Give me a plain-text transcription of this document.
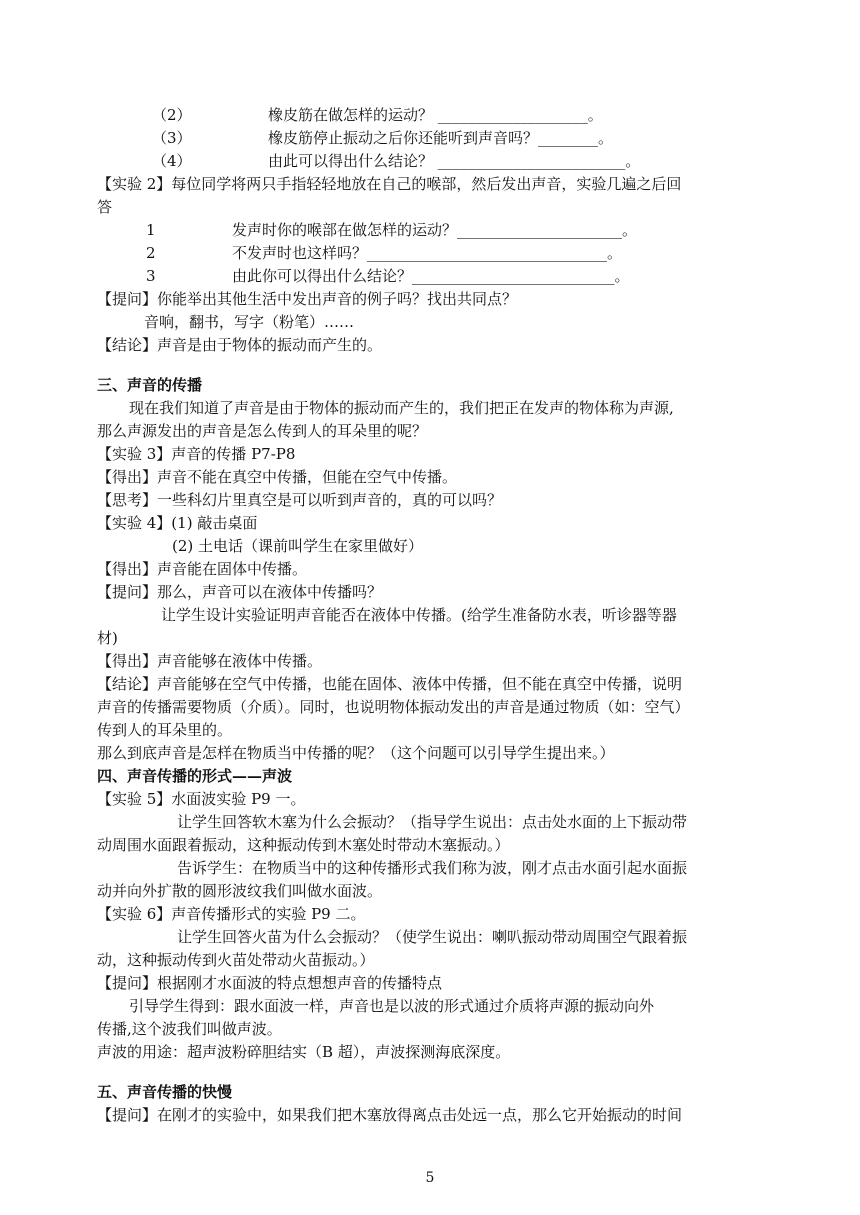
（2）	橡皮筋在做怎样的运动？ ____________________。
（3）	橡皮筋停止振动之后你还能听到声音吗？________。
（4）	由此可以得出什么结论？ _________________________。
【实验 2】每位同学将两只手指轻轻地放在自己的喉部，然后发出声音，实验几遍之后回
答
1	发声时你的喉部在做怎样的运动？______________________。
2	不发声时也这样吗？________________________________。
3	由此你可以得出什么结论？___________________________。
【提问】你能举出其他生活中发出声音的例子吗？找出共同点？
音响，翻书，写字（粉笔）……
【结论】声音是由于物体的振动而产生的。
三、声音的传播
现在我们知道了声音是由于物体的振动而产生的，我们把正在发声的物体称为声源,
那么声源发出的声音是怎么传到人的耳朵里的呢？
【实验 3】声音的传播 P7-P8
【得出】声音不能在真空中传播，但能在空气中传播。
【思考】一些科幻片里真空是可以听到声音的，真的可以吗？
【实验 4】(1) 敲击桌面
(2) 土电话（课前叫学生在家里做好）
【得出】声音能在固体中传播。
【提问】那么，声音可以在液体中传播吗？
让学生设计实验证明声音能否在液体中传播。(给学生准备防水表，听诊器等器
材)
【得出】声音能够在液体中传播。
【结论】声音能够在空气中传播，也能在固体、液体中传播，但不能在真空中传播，说明
声音的传播需要物质（介质）。同时，也说明物体振动发出的声音是通过物质（如：空气）
传到人的耳朵里的。
那么到底声音是怎样在物质当中传播的呢？（这个问题可以引导学生提出来。）
四、声音传播的形式——声波
【实验 5】水面波实验 P9 一。
让学生回答软木塞为什么会振动？（指导学生说出：点击处水面的上下振动带
动周围水面跟着振动，这种振动传到木塞处时带动木塞振动。）
告诉学生：在物质当中的这种传播形式我们称为波，刚才点击水面引起水面振
动并向外扩散的圆形波纹我们叫做水面波。
【实验 6】声音传播形式的实验 P9 二。
让学生回答火苗为什么会振动？（使学生说出：喇叭振动带动周围空气跟着振
动，这种振动传到火苗处带动火苗振动。）
【提问】根据刚才水面波的特点想想声音的传播特点
引导学生得到：跟水面波一样，声音也是以波的形式通过介质将声源的振动向外
传播,这个波我们叫做声波。
声波的用途：超声波粉碎胆结实（B 超），声波探测海底深度。
五、声音传播的快慢
【提问】在刚才的实验中，如果我们把木塞放得离点击处远一点，那么它开始振动的时间
5
